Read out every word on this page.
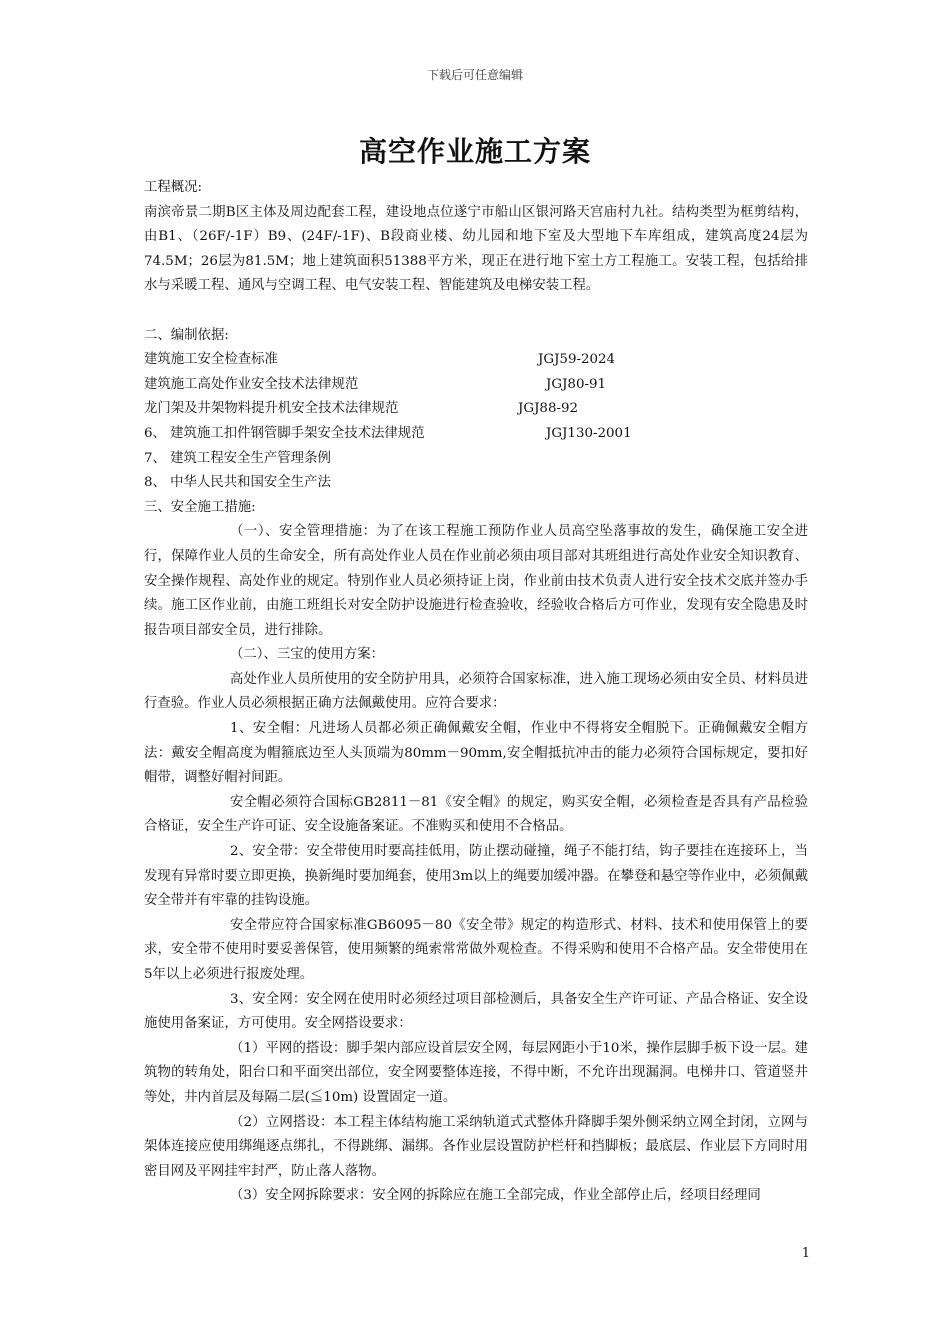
下载后可任意编辑
高空作业施工方案

工程概况:

南滨帝景二期B区主体及周边配套工程，建设地点位遂宁市船山区银河路天宫庙村九社。结构类型为框剪结构，由B1、（26F/-1F）B9、(24F/-1F)、B段商业楼、幼儿园和地下室及大型地下车库组成，建筑高度24层为74.5M；26层为81.5M；地上建筑面积51388平方米，现正在进行地下室土方工程施工。安装工程，包括给排水与采暖工程、通风与空调工程、电气安装工程、智能建筑及电梯安装工程。

二、编制依据:

建筑施工安全检查标准	JGJ59-2024
建筑施工高处作业安全技术法律规范	JGJ80-91
龙门架及井架物料提升机安全技术法律规范	JGJ88-92
6、 建筑施工扣件钢管脚手架安全技术法律规范	JGJ130-2001

7、 建筑工程安全生产管理条例

8、 中华人民共和国安全生产法

三、安全施工措施:

（一）、安全管理措施：为了在该工程施工预防作业人员高空坠落事故的发生，确保施工安全进行，保障作业人员的生命安全，所有高处作业人员在作业前必须由项目部对其班组进行高处作业安全知识教育、安全操作规程、高处作业的规定。特别作业人员必须持证上岗，作业前由技术负责人进行安全技术交底并签办手续。施工区作业前，由施工班组长对安全防护设施进行检查验收，经验收合格后方可作业，发现有安全隐患及时报告项目部安全员，进行排除。

（二）、三宝的使用方案：

高处作业人员所使用的安全防护用具，必须符合国家标准，进入施工现场必须由安全员、材料员进行查验。作业人员必须根据正确方法佩戴使用。应符合要求：

1、安全帽：凡进场人员都必须正确佩戴安全帽，作业中不得将安全帽脱下。正确佩戴安全帽方法：戴安全帽高度为帽箍底边至人头顶端为80mm－90mm,安全帽抵抗冲击的能力必须符合国标规定，要扣好帽带，调整好帽衬间距。

安全帽必须符合国标GB2811－81《安全帽》的规定，购买安全帽，必须检查是否具有产品检验合格证，安全生产许可证、安全设施备案证。不准购买和使用不合格品。

2、安全带：安全带使用时要高挂低用，防止摆动碰撞，绳子不能打结，钩子要挂在连接环上，当发现有异常时要立即更换，换新绳时要加绳套，使用3m以上的绳要加缓冲器。在攀登和悬空等作业中，必须佩戴安全带并有牢靠的挂钩设施。

安全带应符合国家标准GB6095－80《安全带》规定的构造形式、材料、技术和使用保管上的要求，安全带不使用时要妥善保管，使用频繁的绳索常常做外观检查。不得采购和使用不合格产品。安全带使用在5年以上必须进行报废处理。

3、安全网：安全网在使用时必须经过项目部检测后，具备安全生产许可证、产品合格证、安全设施使用备案证，方可使用。安全网搭设要求：

（1）平网的搭设：脚手架内部应设首层安全网，每层网距小于10米，操作层脚手板下设一层。建筑物的转角处，阳台口和平面突出部位，安全网要整体连接，不得中断，不允许出现漏洞。电梯井口、管道竖井等处，井内首层及每隔二层(≦10m) 设置固定一道。

（2）立网搭设：本工程主体结构施工采纳轨道式式整体升降脚手架外侧采纳立网全封闭，立网与架体连接应使用绑绳逐点绑扎，不得跳绑、漏绑。各作业层设置防护栏杆和挡脚板；最底层、作业层下方同时用密目网及平网挂牢封严，防止落人落物。

（3）安全网拆除要求：安全网的拆除应在施工全部完成，作业全部停止后，经项目经理同

1
